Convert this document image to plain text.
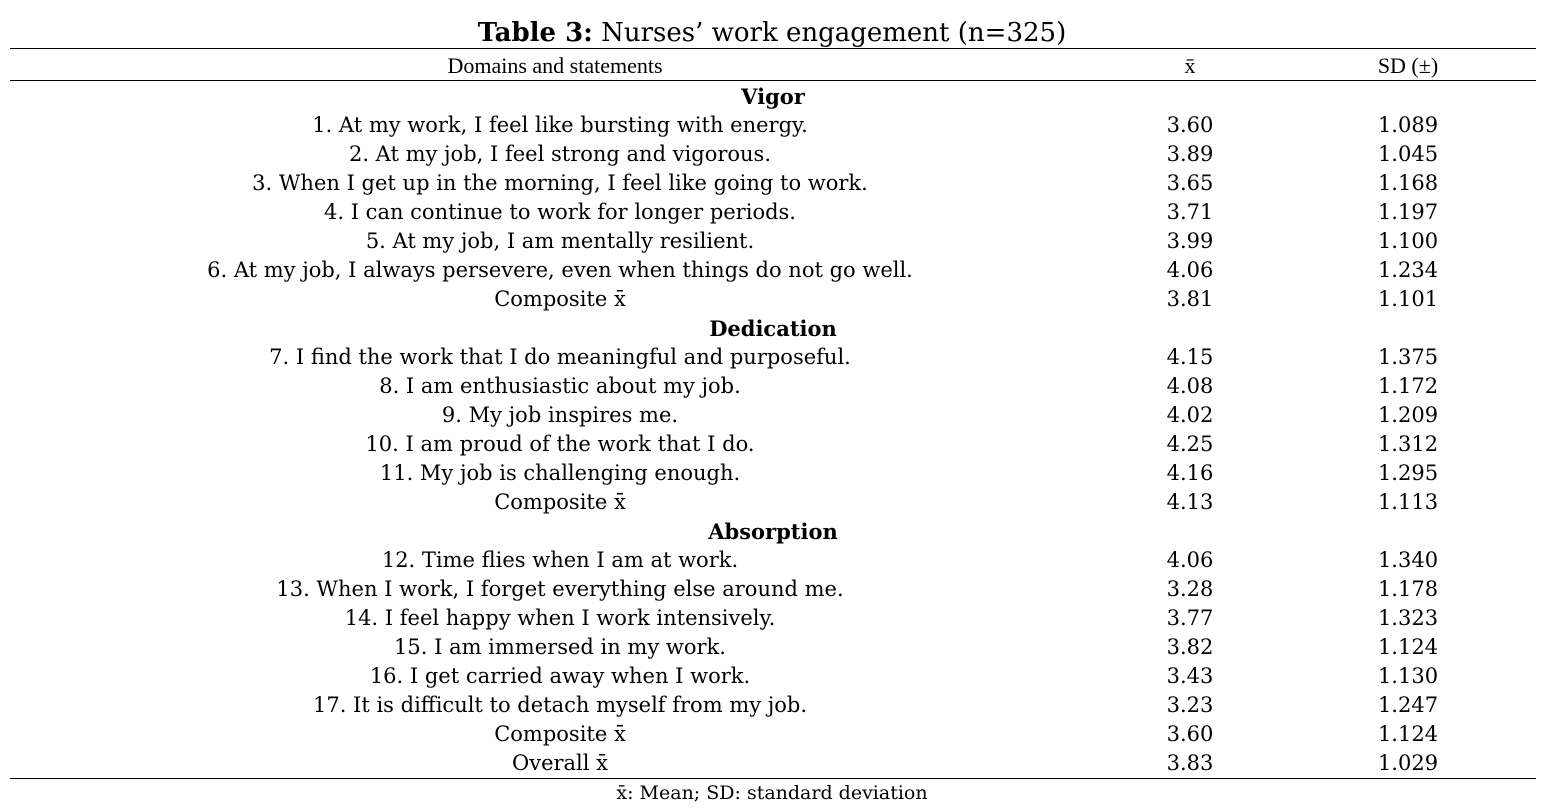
Table 3: Nurses’ work engagement (n=325)
Domains and statements	x̄	SD (±)
Vigor
1. At my work, I feel like bursting with energy.	3.60	1.089
2. At my job, I feel strong and vigorous.	3.89	1.045
3. When I get up in the morning, I feel like going to work.	3.65	1.168
4. I can continue to work for longer periods.	3.71	1.197
5. At my job, I am mentally resilient.	3.99	1.100
6. At my job, I always persevere, even when things do not go well.	4.06	1.234
Composite x̄	3.81	1.101
Dedication
7. I find the work that I do meaningful and purposeful.	4.15	1.375
8. I am enthusiastic about my job.	4.08	1.172
9. My job inspires me.	4.02	1.209
10. I am proud of the work that I do.	4.25	1.312
11. My job is challenging enough.	4.16	1.295
Composite x̄	4.13	1.113
Absorption
12. Time flies when I am at work.	4.06	1.340
13. When I work, I forget everything else around me.	3.28	1.178
14. I feel happy when I work intensively.	3.77	1.323
15. I am immersed in my work.	3.82	1.124
16. I get carried away when I work.	3.43	1.130
17. It is difficult to detach myself from my job.	3.23	1.247
Composite x̄	3.60	1.124
Overall x̄	3.83	1.029
x̄: Mean; SD: standard deviation
